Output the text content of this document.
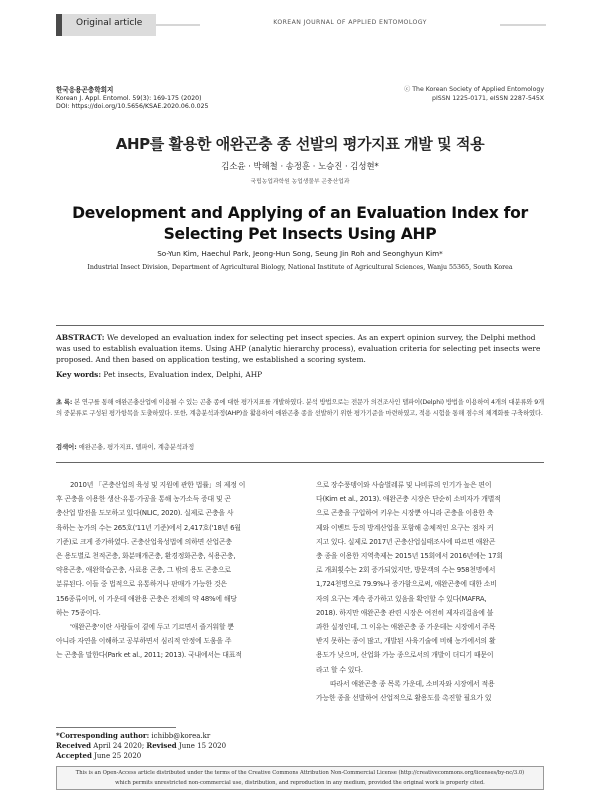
Original article	KOREAN JOURNAL OF APPLIED ENTOMOLOGY
한국응용곤충학회지
Korean J. Appl. Entomol. 59(3): 169-175 (2020)
DOI: https://doi.org/10.5656/KSAE.2020.06.0.025
ⓒ The Korean Society of Applied Entomology
pISSN 1225-0171, eISSN 2287-545X
AHP를 활용한 애완곤충 종 선발의 평가지표 개발 및 적용
김소윤 · 박해철 · 송정훈 · 노승진 · 김성현*
국립농업과학원 농업생물부 곤충산업과
Development and Applying of an Evaluation Index for Selecting Pet Insects Using AHP
So-Yun Kim, Haechul Park, Jeong-Hun Song, Seung Jin Roh and Seonghyun Kim*
Industrial Insect Division, Department of Agricultural Biology, National Institute of Agricultural Sciences, Wanju 55365, South Korea
ABSTRACT: We developed an evaluation index for selecting pet insect species. As an expert opinion survey, the Delphi method was used to establish evaluation items. Using AHP (analytic hierarchy process), evaluation criteria for selecting pet insects were proposed. And then based on application testing, we established a scoring system.
Key words: Pet insects, Evaluation index, Delphi, AHP
초 록: 본 연구를 통해 애완곤충산업에 이용될 수 있는 곤충 종에 대한 평가지표를 개발하였다. 분석 방법으로는 전문가 의견조사인 델파이(Delphi) 방법을 이용하여 4개의 대분류와 9개의 중분류로 구성된 평가항목을 도출하였다. 또한, 계층분석과정(AHP)을 활용하여 애완곤충 종을 선발하기 위한 평가기준을 마련하였고, 적용 시험을 통해 점수의 체계화를 구축하였다.
검색어: 애완곤충, 평가지표, 델파이, 계층분석과정
2010년 「곤충산업의 육성 및 지원에 관한 법률」의 제정 이
후 곤충을 이용한 생산·유통·가공을 통해 농가소득 증대 및 곤
충산업 발전을 도모하고 있다(NLIC, 2020). 실제로 곤충을 사
육하는 농가의 수는 265호('11년 기준)에서 2,417호('18년 6월
기준)로 크게 증가하였다. 곤충산업육성법에 의하면 산업곤충
은 용도별로 천적곤충, 화분매개곤충, 환경정화곤충, 식용곤충,
약용곤충, 애완학습곤충, 사료용 곤충, 그 밖의 용도 곤충으로
분류된다. 이들 중 법적으로 유통하거나 판매가 가능한 것은
156종류이며, 이 가운데 애완용 곤충은 전체의 약 48%에 해당
하는 75종이다.
'애완곤충'이란 사람들이 곁에 두고 기르면서 즐거워할 뿐
아니라 자연을 이해하고 공부하면서 심리적 안정에 도움을 주
는 곤충을 말한다(Park et al., 2011; 2013). 국내에서는 대표적
으로 장수풍뎅이와 사슴벌레류 및 나비류의 인기가 높은 편이
다(Kim et al., 2013). 애완곤충 시장은 단순히 소비자가 개별적
으로 곤충을 구입하여 키우는 시장뿐 아니라 곤충을 이용한 축
제와 이벤트 등의 방계산업을 포함해 총체적인 요구는 점차 커
지고 있다. 실제로 2017년 곤충산업실태조사에 따르면 애완곤
충 종을 이용한 지역축제는 2015년 15회에서 2016년에는 17회
로 개최횟수는 2회 증가되었지만, 방문객의 수는 958천명에서
1,724천명으로 79.9%나 증가함으로써, 애완곤충에 대한 소비
자의 요구는 계속 증가하고 있음을 확인할 수 있다(MAFRA,
2018). 하지만 애완곤충 관련 시장은 여전히 제자리걸음에 불
과한 실정인데, 그 이유는 애완곤충 종 가운데는 시장에서 주목
받지 못하는 종이 많고, 개발된 사육기술에 비해 농가에서의 활
용도가 낮으며, 산업화 가능 종으로서의 개발이 더디기 때문이
라고 할 수 있다.
따라서 애완곤충 종 목록 가운데, 소비자와 시장에서 적용
가능한 종을 선발하여 산업적으로 활용도를 촉진할 필요가 있
*Corresponding author: ichibb@korea.kr
Received April 24 2020; Revised June 15 2020
Accepted June 25 2020
This is an Open-Access article distributed under the terms of the Creative Commons Attribution Non-Commercial License (http://creativecommons.org/licenses/by-nc/3.0)
which permits unrestricted non-commercial use, distribution, and reproduction in any medium, provided the original work is properly cited.
